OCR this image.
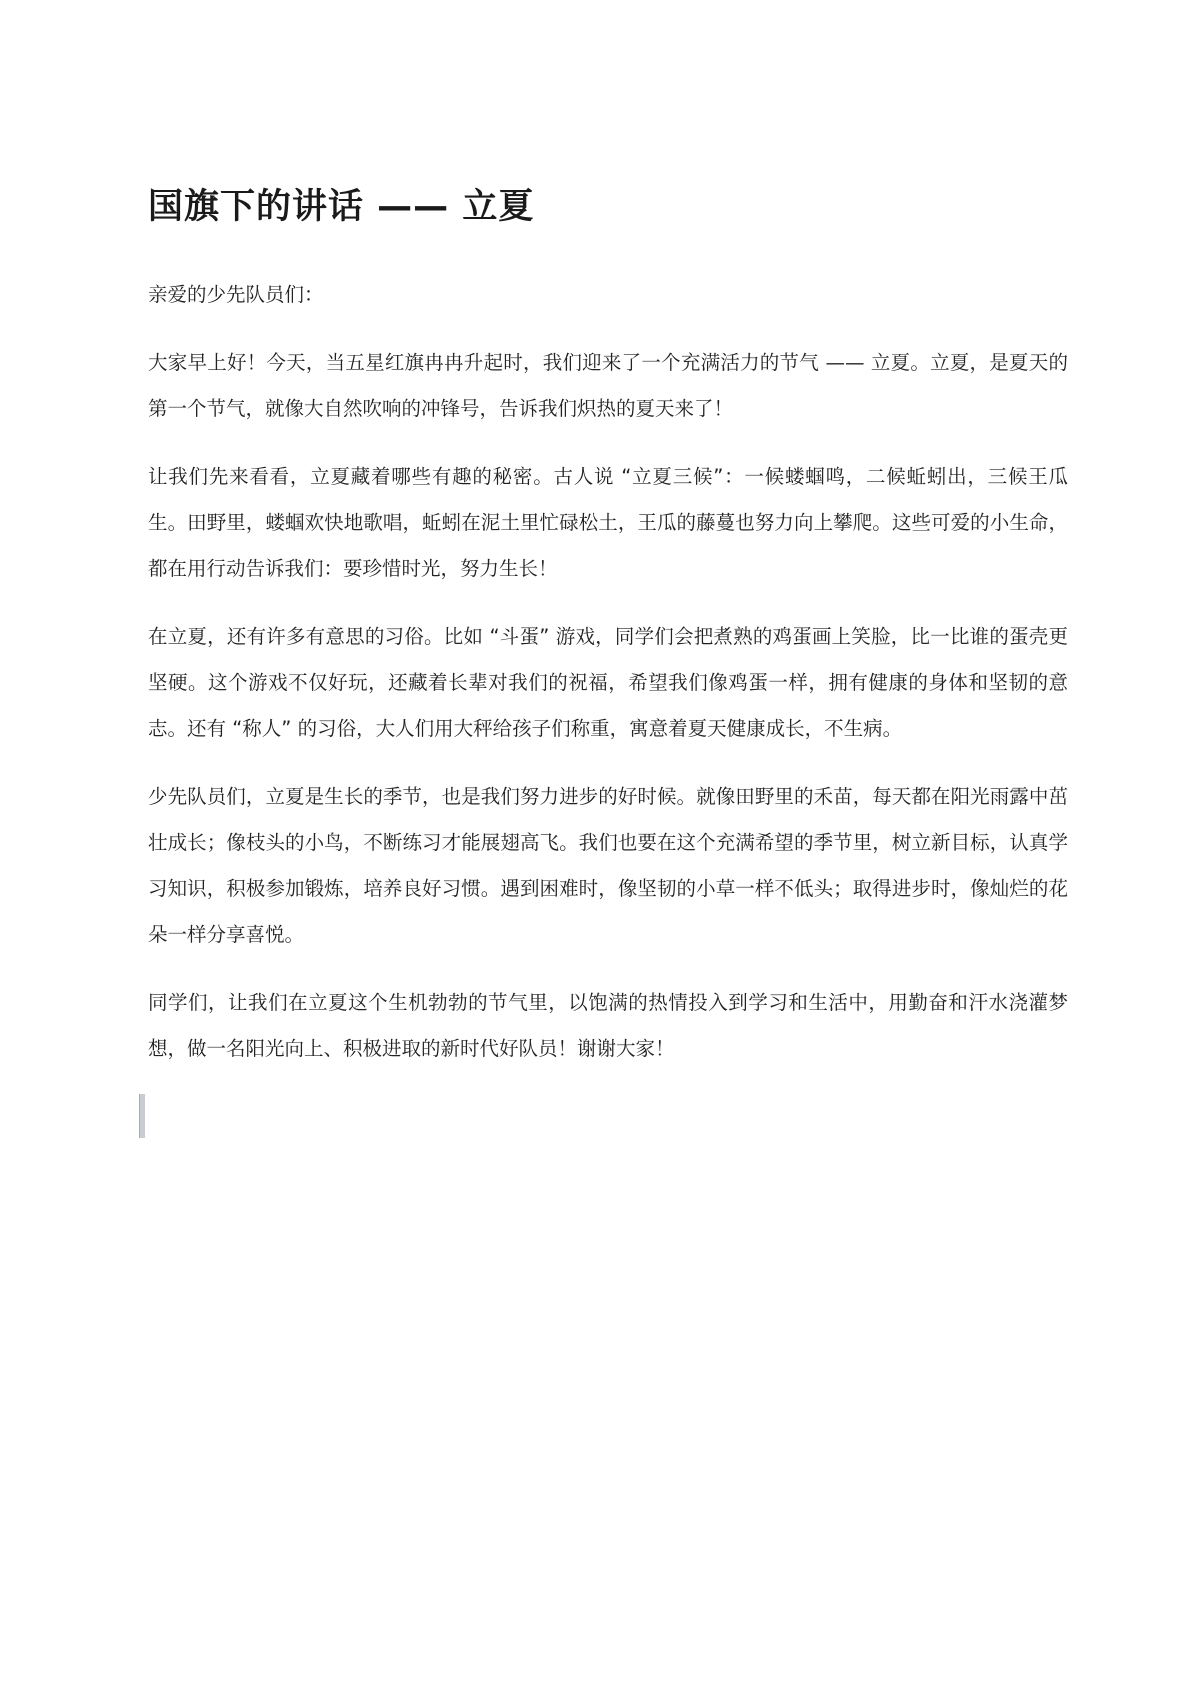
国旗下的讲话 —— 立夏

亲爱的少先队员们：

大家早上好！今天，当五星红旗冉冉升起时，我们迎来了一个充满活力的节气 —— 立夏。立夏，是夏天的第一个节气，就像大自然吹响的冲锋号，告诉我们炽热的夏天来了！

让我们先来看看，立夏藏着哪些有趣的秘密。古人说 “立夏三候”：一候蝼蝈鸣，二候蚯蚓出，三候王瓜生。田野里，蝼蝈欢快地歌唱，蚯蚓在泥土里忙碌松土，王瓜的藤蔓也努力向上攀爬。这些可爱的小生命，都在用行动告诉我们：要珍惜时光，努力生长！

在立夏，还有许多有意思的习俗。比如 “斗蛋” 游戏，同学们会把煮熟的鸡蛋画上笑脸，比一比谁的蛋壳更坚硬。这个游戏不仅好玩，还藏着长辈对我们的祝福，希望我们像鸡蛋一样，拥有健康的身体和坚韧的意志。还有 “称人” 的习俗，大人们用大秤给孩子们称重，寓意着夏天健康成长，不生病。

少先队员们，立夏是生长的季节，也是我们努力进步的好时候。就像田野里的禾苗，每天都在阳光雨露中茁壮成长；像枝头的小鸟，不断练习才能展翅高飞。我们也要在这个充满希望的季节里，树立新目标，认真学习知识，积极参加锻炼，培养良好习惯。遇到困难时，像坚韧的小草一样不低头；取得进步时，像灿烂的花朵一样分享喜悦。

同学们，让我们在立夏这个生机勃勃的节气里，以饱满的热情投入到学习和生活中，用勤奋和汗水浇灌梦想，做一名阳光向上、积极进取的新时代好队员！谢谢大家！
